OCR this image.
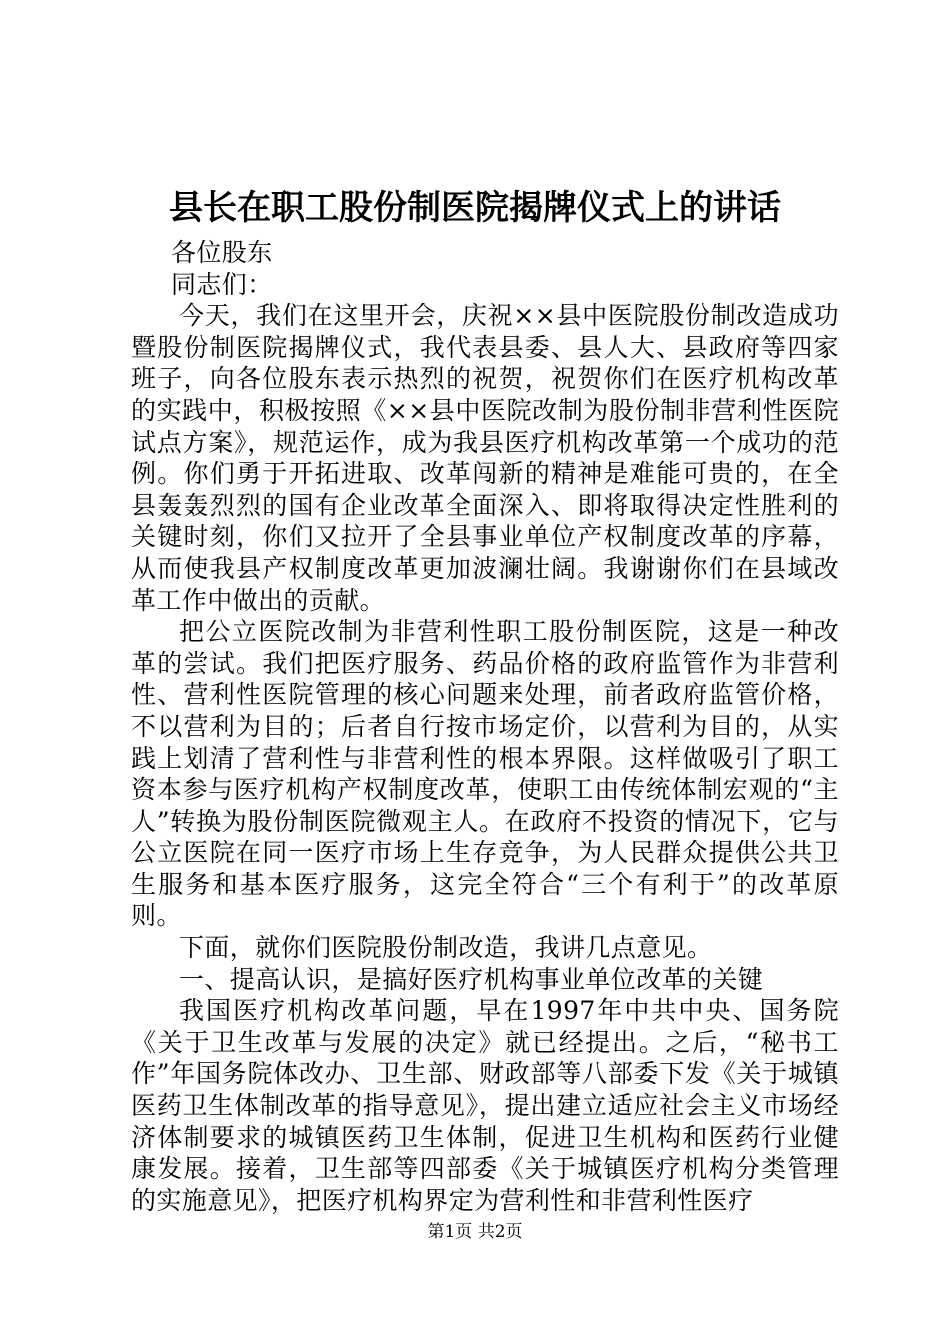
县长在职工股份制医院揭牌仪式上的讲话

各位股东

同志们：

今天，我们在这里开会，庆祝××县中医院股份制改造成功暨股份制医院揭牌仪式，我代表县委、县人大、县政府等四家班子，向各位股东表示热烈的祝贺，祝贺你们在医疗机构改革的实践中，积极按照《××县中医院改制为股份制非营利性医院试点方案》，规范运作，成为我县医疗机构改革第一个成功的范例。你们勇于开拓进取、改革闯新的精神是难能可贵的，在全县轰轰烈烈的国有企业改革全面深入、即将取得决定性胜利的关键时刻，你们又拉开了全县事业单位产权制度改革的序幕，从而使我县产权制度改革更加波澜壮阔。我谢谢你们在县域改革工作中做出的贡献。

把公立医院改制为非营利性职工股份制医院，这是一种改革的尝试。我们把医疗服务、药品价格的政府监管作为非营利性、营利性医院管理的核心问题来处理，前者政府监管价格，不以营利为目的；后者自行按市场定价，以营利为目的，从实践上划清了营利性与非营利性的根本界限。这样做吸引了职工资本参与医疗机构产权制度改革，使职工由传统体制宏观的“主人”转换为股份制医院微观主人。在政府不投资的情况下，它与公立医院在同一医疗市场上生存竞争，为人民群众提供公共卫生服务和基本医疗服务，这完全符合“三个有利于”的改革原则。

下面，就你们医院股份制改造，我讲几点意见。

一、提高认识，是搞好医疗机构事业单位改革的关键

我国医疗机构改革问题，早在1997年中共中央、国务院《关于卫生改革与发展的决定》就已经提出。之后，“秘书工作”年国务院体改办、卫生部、财政部等八部委下发《关于城镇医药卫生体制改革的指导意见》，提出建立适应社会主义市场经济体制要求的城镇医药卫生体制，促进卫生机构和医药行业健康发展。接着，卫生部等四部委《关于城镇医疗机构分类管理的实施意见》，把医疗机构界定为营利性和非营利性医疗

第1页 共2页
